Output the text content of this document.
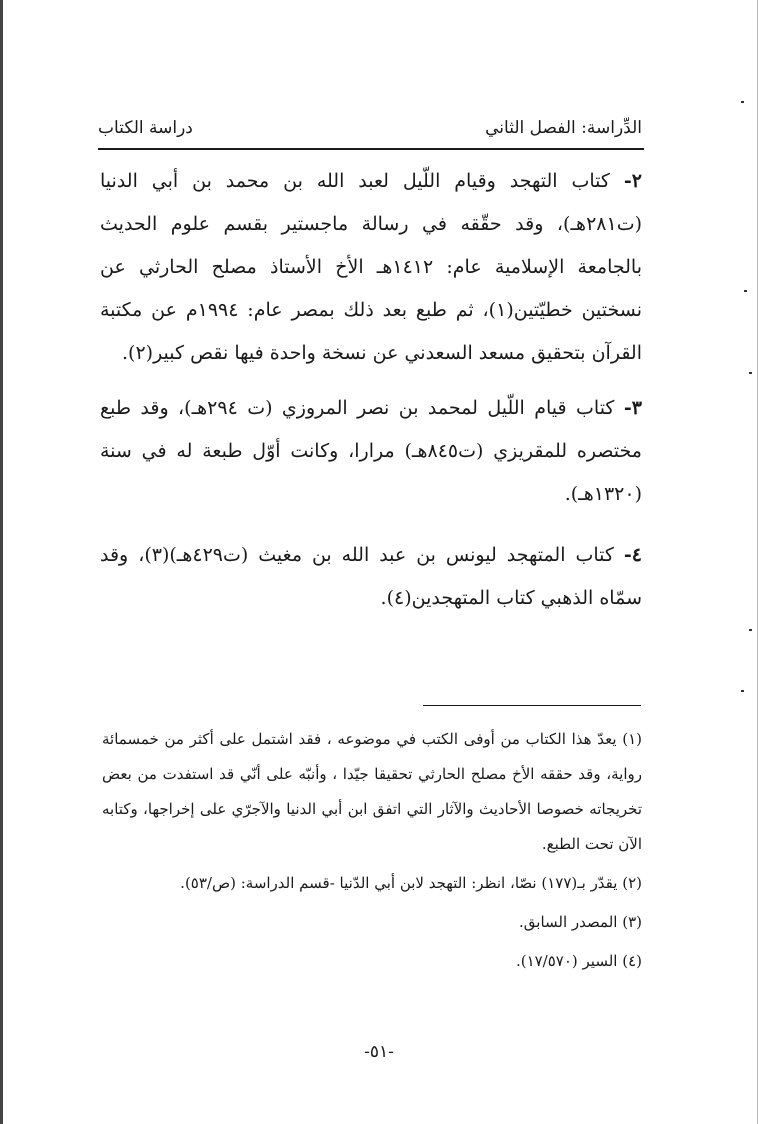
الدِّراسة: الفصل الثاني
دراسة الكتاب

٢- كتاب التهجد وقيام اللّيل لعبد الله بن محمد بن أبي الدنيا (ت٢٨١هـ)، وقد حقّقه في رسالة ماجستير بقسم علوم الحديث بالجامعة الإسلامية عام: ١٤١٢هـ الأخ الأستاذ مصلح الحارثي عن نسختين خطيّتين(١)، ثم طبع بعد ذلك بمصر عام: ١٩٩٤م عن مكتبة القرآن بتحقيق مسعد السعدني عن نسخة واحدة فيها نقص كبير(٢).

٣- كتاب قيام اللّيل لمحمد بن نصر المروزي (ت ٢٩٤هـ)، وقد طبع مختصره للمقريزي (ت٨٤٥هـ) مرارا، وكانت أوّل طبعة له في سنة (١٣٢٠هـ).

٤- كتاب المتهجد ليونس بن عبد الله بن مغيث (ت٤٢٩هـ)(٣)، وقد سمّاه الذهبي كتاب المتهجدين(٤).

(١) يعدّ هذا الكتاب من أوفى الكتب في موضوعه ، فقد اشتمل على أكثر من خمسمائة رواية، وقد حققه الأخ مصلح الحارثي تحقيقا جيّدا ، وأنبّه على أنّي قد استفدت من بعض تخريجاته خصوصا الأحاديث والآثار التي اتفق ابن أبي الدنيا والآجرّي على إخراجها، وكتابه الآن تحت الطبع.

(٢) يقدّر بـ(١٧٧) نصّا، انظر: التهجد لابن أبي الدّنيا -قسم الدراسة: (ص/٥٣).

(٣) المصدر السابق.

(٤) السير (١٧/٥٧٠).

-٥١-
